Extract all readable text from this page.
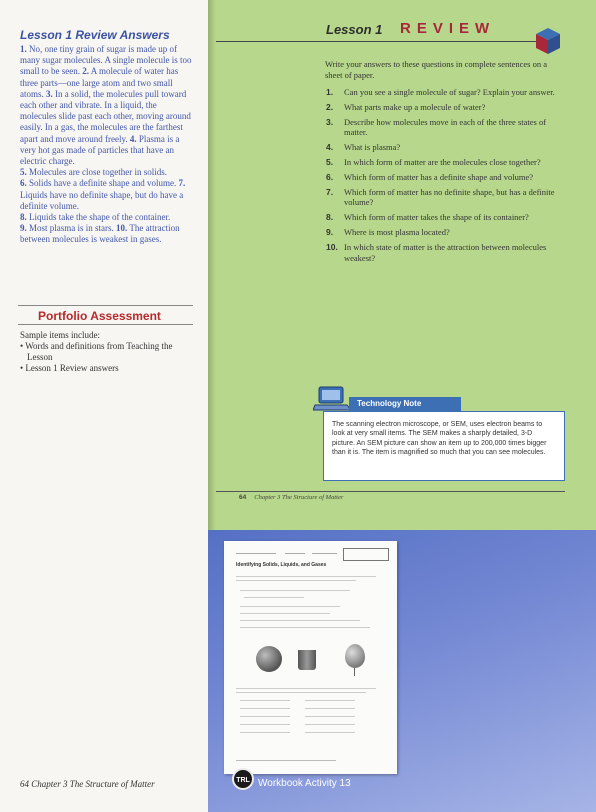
Lesson 1 Review Answers
1. No, one tiny grain of sugar is made up of many sugar molecules. A single molecule is too small to be seen. 2. A molecule of water has three parts—one large atom and two small atoms. 3. In a solid, the molecules pull toward each other and vibrate. In a liquid, the molecules slide past each other, moving around easily. In a gas, the molecules are the farthest apart and move around freely. 4. Plasma is a very hot gas made of particles that have an electric charge.
5. Molecules are close together in solids.
6. Solids have a definite shape and volume. 7. Liquids have no definite shape, but do have a definite volume.
8. Liquids take the shape of the container.
9. Most plasma is in stars. 10. The attraction between molecules is weakest in gases.
Portfolio Assessment
Sample items include:
• Words and definitions from Teaching the Lesson
• Lesson 1 Review answers
64 Chapter 3 The Structure of Matter
Lesson 1 REVIEW
Write your answers to these questions in complete sentences on a sheet of paper.
1. Can you see a single molecule of sugar? Explain your answer.
2. What parts make up a molecule of water?
3. Describe how molecules move in each of the three states of matter.
4. What is plasma?
5. In which form of matter are the molecules close together?
6. Which form of matter has a definite shape and volume?
7. Which form of matter has no definite shape, but has a definite volume?
8. Which form of matter takes the shape of its container?
9. Where is most plasma located?
10. In which state of matter is the attraction between molecules weakest?
Technology Note
The scanning electron microscope, or SEM, uses electron beams to look at very small items. The SEM makes a sharply detailed, 3-D picture. An SEM picture can show an item up to 200,000 times bigger than it is. The item is magnified so much that you can see molecules.
64 Chapter 3 The Structure of Matter
Identifying Solids, Liquids, and Gases
TRL Workbook Activity 13
